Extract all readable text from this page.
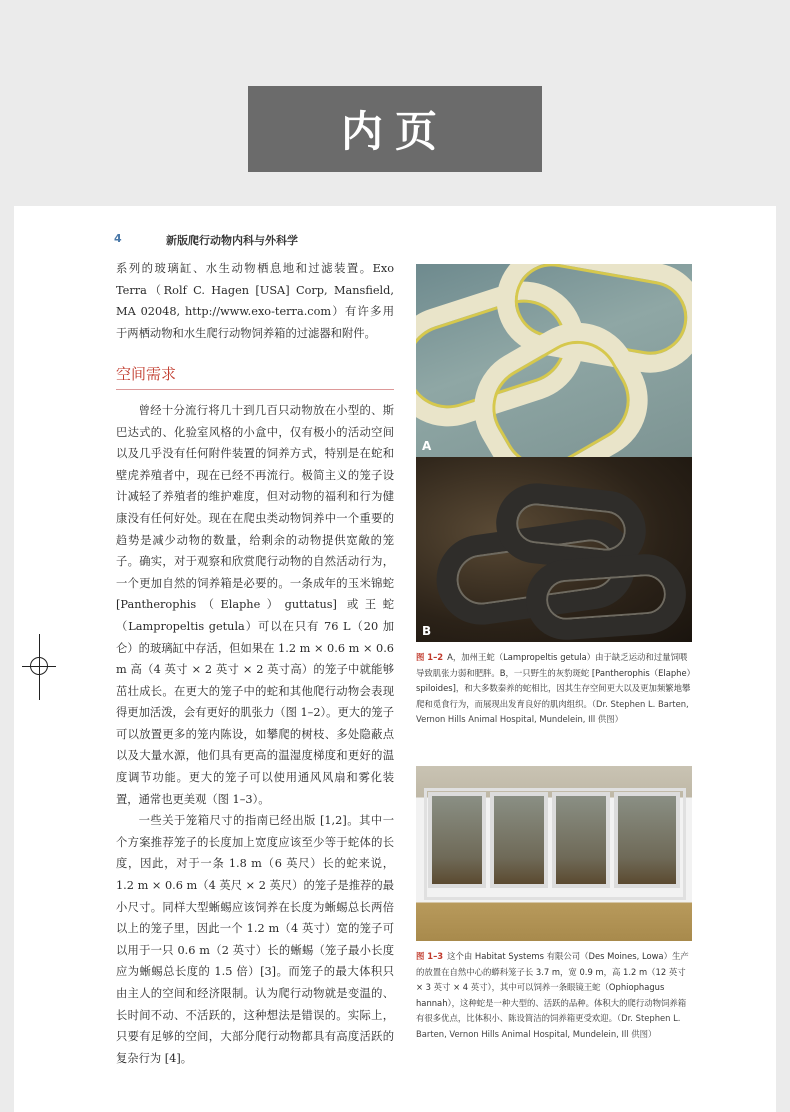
内页
4	新版爬行动物内科与外科学

系列的玻璃缸、水生动物栖息地和过滤装置。Exo Terra（Rolf C. Hagen [USA] Corp, Mansfield, MA 02048, http://www.exo-terra.com）有许多用于两栖动物和水生爬行动物饲养箱的过滤器和附件。

空间需求

曾经十分流行将几十到几百只动物放在小型的、斯巴达式的、化验室风格的小盒中，仅有极小的活动空间以及几乎没有任何附件装置的饲养方式，特别是在蛇和壁虎养殖者中，现在已经不再流行。极简主义的笼子设计减轻了养殖者的维护难度，但对动物的福利和行为健康没有任何好处。现在在爬虫类动物饲养中一个重要的趋势是减少动物的数量，给剩余的动物提供宽敞的笼子。确实，对于观察和欣赏爬行动物的自然活动行为，一个更加自然的饲养箱是必要的。一条成年的玉米锦蛇 [Pantherophis（Elaphe）guttatus] 或王蛇（Lampropeltis getula）可以在只有 76 L（20 加仑）的玻璃缸中存活，但如果在 1.2 m × 0.6 m × 0.6 m 高（4 英寸 × 2 英寸 × 2 英寸高）的笼子中就能够茁壮成长。在更大的笼子中的蛇和其他爬行动物会表现得更加活泼，会有更好的肌张力（图 1–2）。更大的笼子可以放置更多的笼内陈设，如攀爬的树枝、多处隐蔽点以及大量水源，他们具有更高的温湿度梯度和更好的温度调节功能。更大的笼子可以使用通风风扇和雾化装置，通常也更美观（图 1–3）。

一些关于笼箱尺寸的指南已经出版 [1,2]。其中一个方案推荐笼子的长度加上宽度应该至少等于蛇体的长度，因此，对于一条 1.8 m（6 英尺）长的蛇来说，1.2 m × 0.6 m（4 英尺 × 2 英尺）的笼子是推荐的最小尺寸。同样大型蜥蜴应该饲养在长度为蜥蜴总长两倍以上的笼子里，因此一个 1.2 m（4 英寸）宽的笼子可以用于一只 0.6 m（2 英寸）长的蜥蜴（笼子最小长度应为蜥蜴总长度的 1.5 倍）[3]。而笼子的最大体积只由主人的空间和经济限制。认为爬行动物就是变温的、长时间不动、不活跃的，这种想法是错误的。实际上，只要有足够的空间，大部分爬行动物都具有高度活跃的复杂行为 [4]。

A
B
图 1–2 A，加州王蛇（Lampropeltis getula）由于缺乏运动和过量饲喂导致肌张力弱和肥胖。B，一只野生的灰豹斑蛇 [Pantherophis（Elaphe）spiloides]，和大多数秦养的蛇相比，因其生存空间更大以及更加频繁地攀爬和觅食行为，而展现出发育良好的肌肉组织。（Dr. Stephen L. Barten, Vernon Hills Animal Hospital, Mundelein, Ill 供图）
图 1–3 这个由 Habitat Systems 有限公司（Des Moines, Lowa）生产的放置在自然中心的蟒科笼子长 3.7 m，宽 0.9 m，高 1.2 m（12 英寸 × 3 英寸 × 4 英寸），其中可以饲养一条眼镜王蛇（Ophiophagus hannah），这种蛇是一种大型的、活跃的品种。体积大的爬行动物饲养箱有很多优点，比体积小、陈设简洁的饲养箱更受欢迎。（Dr. Stephen L. Barten, Vernon Hills Animal Hospital, Mundelein, Ill 供图）
